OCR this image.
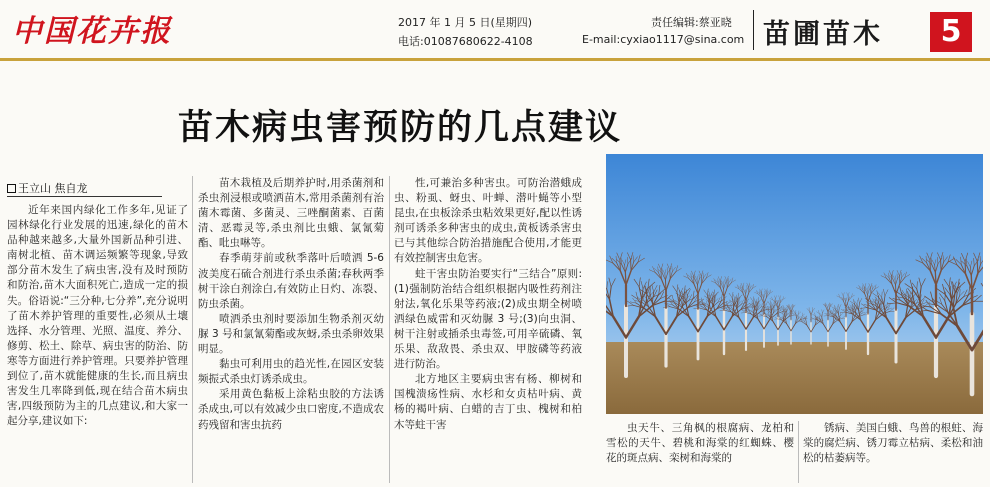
中国花卉报	2017 年 1 月 5 日(星期四)
电话:01087680622-4108
责任编辑:蔡亚晓
E-mail:cyxiao1117@sina.com 苗圃苗木	5
苗木病虫害预防的几点建议
王立山 焦自龙

近年来国内绿化工作多年,见证了园林绿化行业发展的迅速,绿化的苗木品种越来越多,大量外国新品种引进、南树北植、苗木调运频繁等现象,导致部分苗木发生了病虫害,没有及时预防和防治,苗木大面积死亡,造成一定的损失。俗语说:“三分种,七分养”,充分说明了苗木养护管理的重要性,必须从土壤选择、水分管理、光照、温度、养分、修剪、松土、除草、病虫害的防治、防寒等方面进行养护管理。只要养护管理到位了,苗木就能健康的生长,而且病虫害发生几率降到低,现在结合苗木病虫害,四级预防为主的几点建议,和大家一起分享,建议如下:

苗木栽植及后期养护时,用杀菌剂和杀虫剂浸根或喷洒苗木,常用杀菌剂有治菌木霉菌、多菌灵、三唑酮菌素、百菌清、恶霉灵等,杀虫剂比虫蛾、氯氰菊酯、吡虫啉等。

春季萌芽前或秋季落叶后喷洒 5-6 波美度石硫合剂进行杀虫杀菌;春秋两季树干涂白剂涂白,有效防止日灼、冻裂、防虫杀菌。

喷洒杀虫剂时要添加生物杀剂灭幼脲 3 号和氯氰菊酯或灰蚜,杀虫杀卵效果明显。

黏虫可利用虫的趋光性,在园区安装频振式杀虫灯诱杀成虫。

采用黄色黏板上涂粘虫胶的方法诱杀成虫,可以有效减少虫口密度,不造成农药残留和害虫抗药

性,可兼治多种害虫。可防治潜蛾成虫、粉虱、蚜虫、叶蝉、潜叶蝇等小型昆虫,在虫板涂杀虫粘效果更好,配以性诱剂可诱杀多种害虫的成虫,黄板诱杀害虫已与其他综合防治措施配合使用,才能更有效控制害虫危害。

蛀干害虫防治要实行“三结合”原则:(1)强制防治结合组织根据内吸性药剂注射法,氧化乐果等药液;(2)成虫期全树喷洒绿色威雷和灭幼脲 3 号;(3)向虫洞、树干注射或插杀虫毒签,可用辛硫磷、氧乐果、敌敌畏、杀虫双、甲胺磷等药液进行防治。

北方地区主要病虫害有杨、柳树和国槐溃疡性病、水杉和女贞枯叶病、黄杨的褐叶病、白蜡的吉丁虫、槐树和柏木等蛀干害	虫天牛、三角枫的根腐病、龙柏和雪松的天牛、碧桃和海棠的红蜘蛛、樱花的斑点病、栾树和海棠的

锈病、美国白蛾、鸟兽的根蛀、海棠的腐烂病、锈刀霉立枯病、柔松和油松的枯萎病等。
